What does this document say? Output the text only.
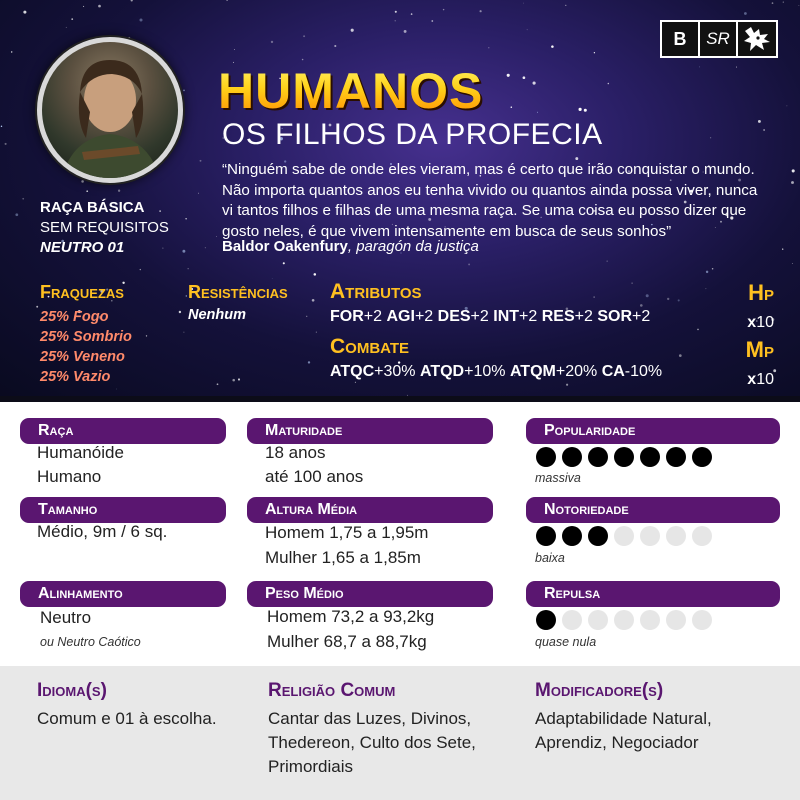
B	SR
HUMANOS
OS FILHOS DA PROFECIA
“Ninguém sabe de onde eles vieram, mas é certo que irão conquistar o mundo. Não importa quantos anos eu tenha vivido ou quantos ainda possa viver, nunca vi tantos filhos e filhas de uma mesma raça. Se uma coisa eu posso dizer que gosto neles, é que vivem intensamente em busca de seus sonhos”
Baldor Oakenfury, paragón da justiça
RAÇA BÁSICA
SEM REQUISITOS
NEUTRO 01
Fraquezas
25% Fogo
25% Sombrio
25% Veneno
25% Vazio
Resistências
Nenhum
Atributos
FOR+2 AGI+2 DES+2 INT+2 RES+2 SOR+2
Combate
ATQC+30% ATQD+10% ATQM+20% CA-10%
Hp
x10
Mp
x10
Raça
Humanóide
Humano
Tamanho
Médio, 9m / 6 sq.
Alinhamento
Neutro
ou Neutro Caótico
Maturidade
18 anos
até 100 anos
Altura Média
Homem 1,75 a 1,95m
Mulher 1,65 a 1,85m
Peso Médio
Homem 73,2 a 93,2kg
Mulher 68,7 a 88,7kg
Popularidade
massiva
Notoriedade
baixa
Repulsa
quase nula
Idioma(s)
Comum e 01 à escolha.
Religião Comum
Cantar das Luzes, Divinos, Thedereon, Culto dos Sete, Primordiais
Modificadore(s)
Adaptabilidade Natural, Aprendiz, Negociador
